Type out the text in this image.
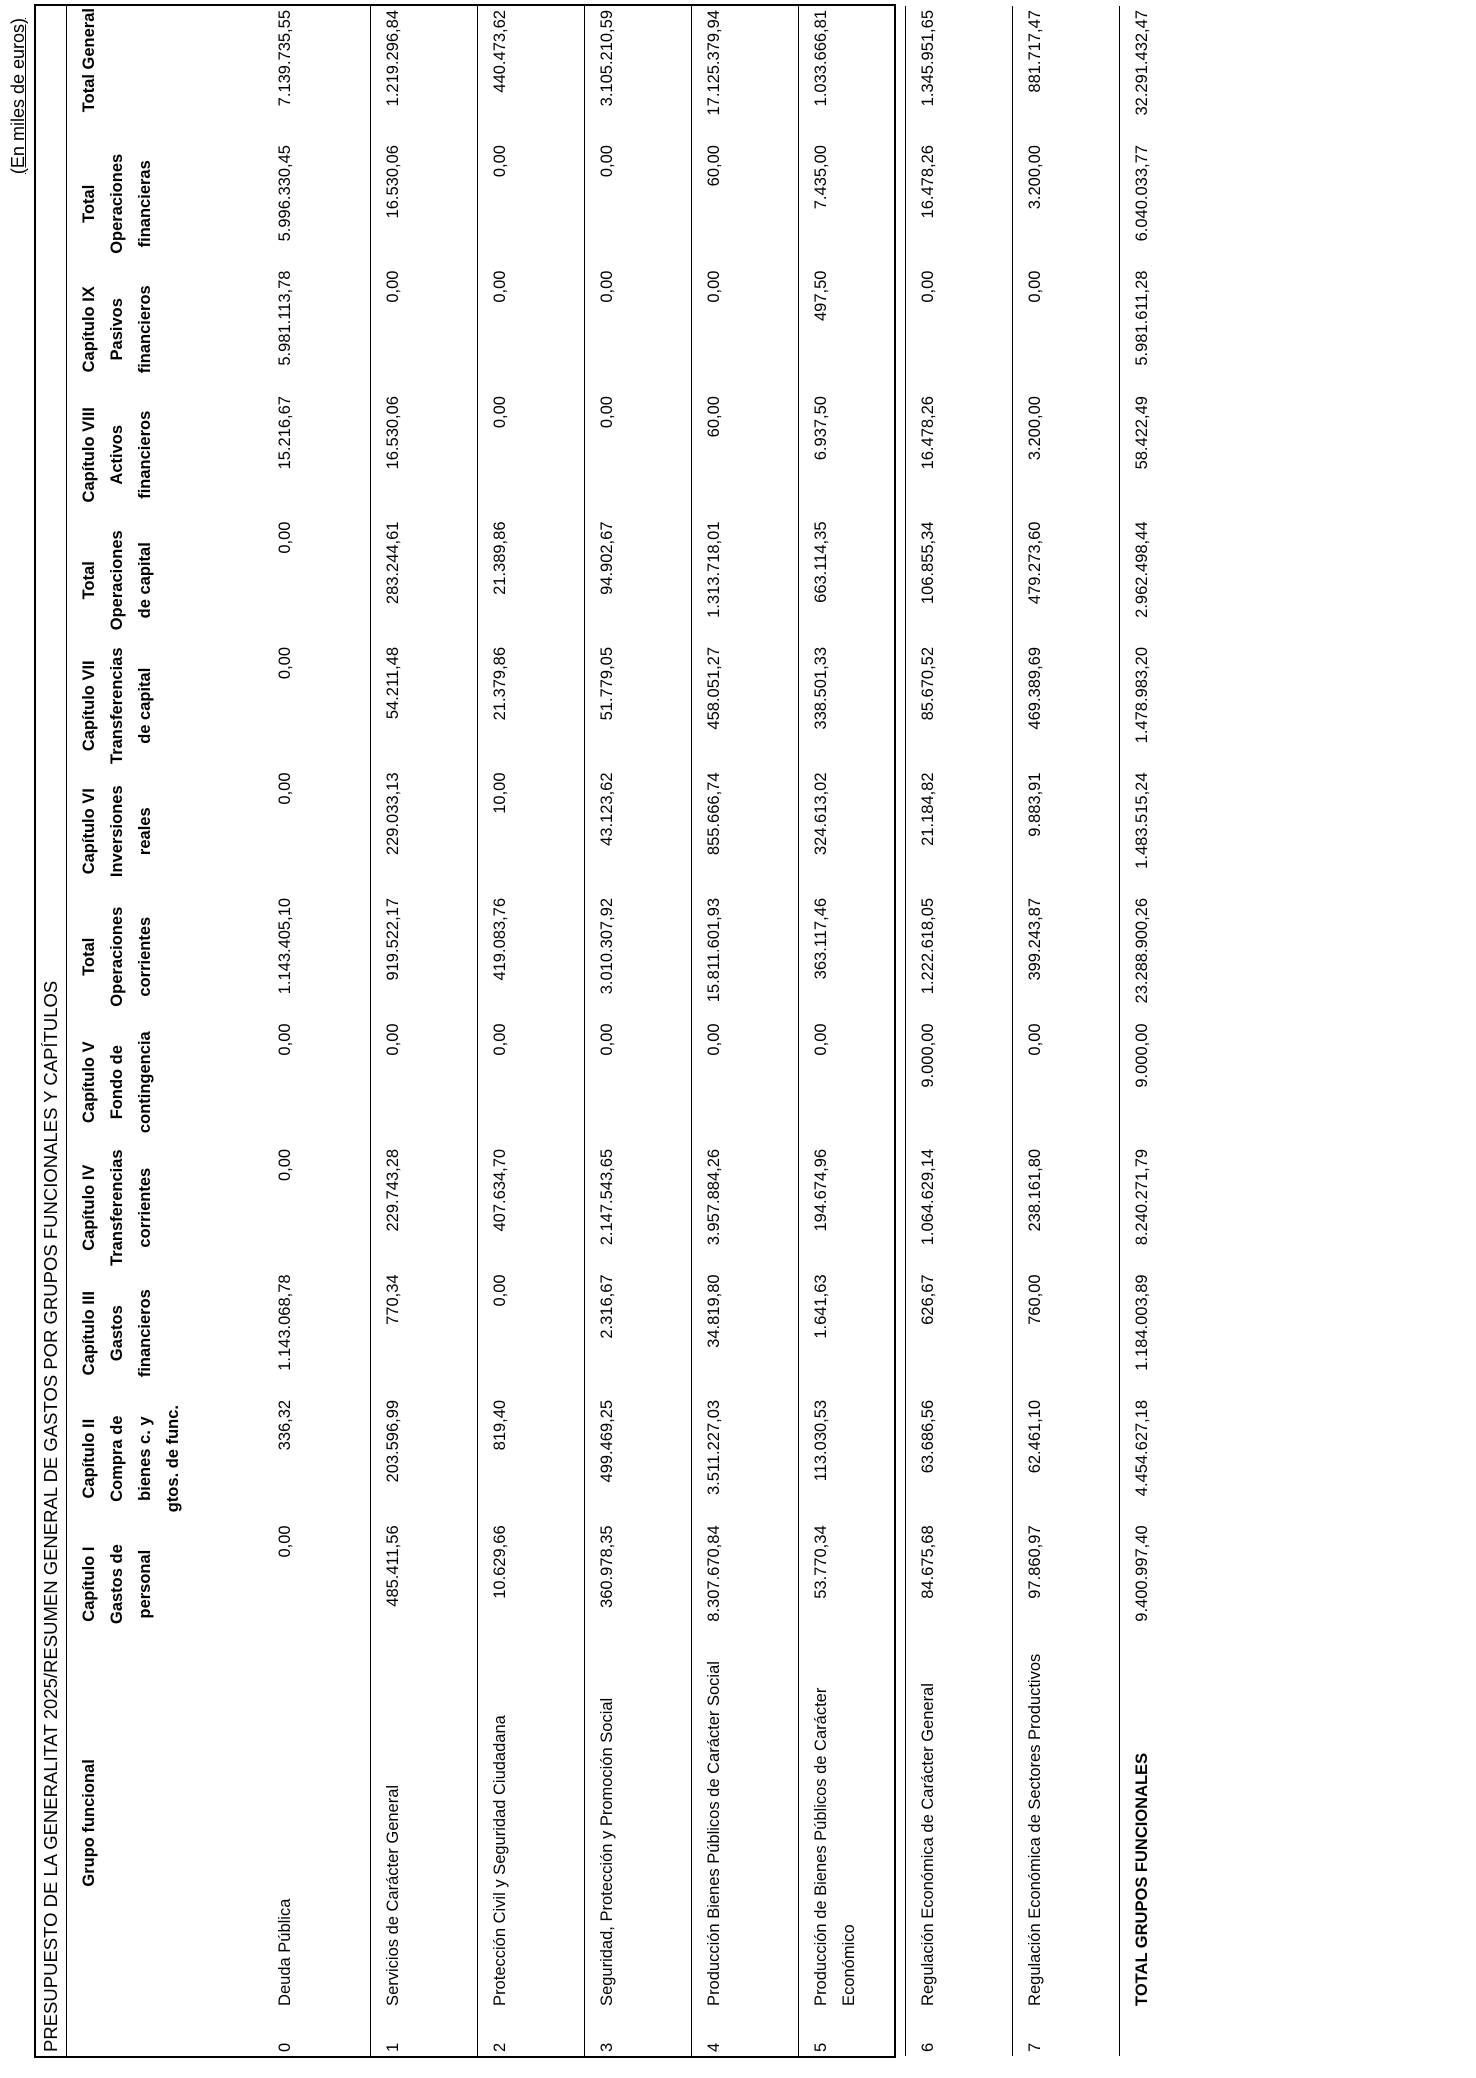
(En miles de euros)
PRESUPUESTO DE LA GENERALITAT 2025/RESUMEN GENERAL DE GASTOS POR GRUPOS FUNCIONALES Y CAPÍTULOS
		Grupo funcional	Capítulo I Gastos de personal	Capítulo II Compra de bienes c. y gtos. de func.	Capítulo III Gastos financieros	Capítulo IV Transferencias corrientes	Capítulo V Fondo de contingencia	Total Operaciones corrientes	Capítulo VI Inversiones reales	Capítulo VII Transferencias de capital	Total Operaciones de capital	Capítulo VIII Activos financieros	Capítulo IX Pasivos financieros	Total Operaciones financieras	Total General
0	Deuda Pública	0,00	336,32	1.143.068,78	0,00	0,00	1.143.405,10	0,00	0,00	0,00	15.216,67	5.981.113,78	5.996.330,45	7.139.735,55
1	Servicios de Carácter General	485.411,56	203.596,99	770,34	229.743,28	0,00	919.522,17	229.033,13	54.211,48	283.244,61	16.530,06	0,00	16.530,06	1.219.296,84
2	Protección Civil y Seguridad Ciudadana	10.629,66	819,40	0,00	407.634,70	0,00	419.083,76	10,00	21.379,86	21.389,86	0,00	0,00	0,00	440.473,62
3	Seguridad, Protección y Promoción Social	360.978,35	499.469,25	2.316,67	2.147.543,65	0,00	3.010.307,92	43.123,62	51.779,05	94.902,67	0,00	0,00	0,00	3.105.210,59
4	Producción Bienes Públicos de Carácter Social	8.307.670,84	3.511.227,03	34.819,80	3.957.884,26	0,00	15.811.601,93	855.666,74	458.051,27	1.313.718,01	60,00	0,00	60,00	17.125.379,94
5	Producción de Bienes Públicos de Carácter Económico	53.770,34	113.030,53	1.641,63	194.674,96	0,00	363.117,46	324.613,02	338.501,33	663.114,35	6.937,50	497,50	7.435,00	1.033.666,81
6	Regulación Económica de Carácter General	84.675,68	63.686,56	626,67	1.064.629,14	9.000,00	1.222.618,05	21.184,82	85.670,52	106.855,34	16.478,26	0,00	16.478,26	1.345.951,65
7	Regulación Económica de Sectores Productivos	97.860,97	62.461,10	760,00	238.161,80	0,00	399.243,87	9.883,91	469.389,69	479.273,60	3.200,00	0,00	3.200,00	881.717,47
	TOTAL GRUPOS FUNCIONALES	9.400.997,40	4.454.627,18	1.184.003,89	8.240.271,79	9.000,00	23.288.900,26	1.483.515,24	1.478.983,20	2.962.498,44	58.422,49	5.981.611,28	6.040.033,77	32.291.432,47
